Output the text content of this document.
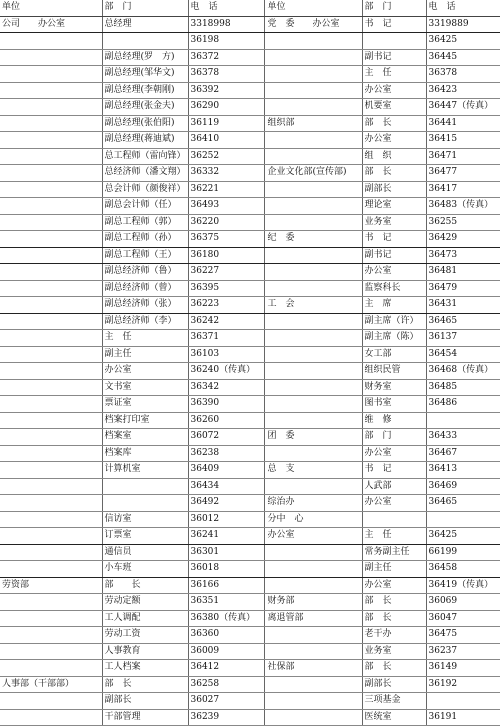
单位	部　门	电　话	单位	部　门	电　话
公司　　办公室	总经理	3318998	党　委　　办公室	书　记	3319889
		36198			36425
	副总经理(罗　方)	36372		副书记	36445
	副总经理(邹华文)	36378		主　任	36378
	副总经理(李朝刚)	36392		办公室	36423
	副总经理(张金夫)	36290		机要室	36447（传真）
	副总经理(张伯阳)	36119	组织部	部　长	36441
	副总经理(蒋迪斌)	36410		办公室	36415
	总工程师（雷向锋）	36252		组　织	36471
	总经济师（潘文翔）	36332	企业文化部(宣传部)	部　长	36477
	总会计师（颜俊祥）	36221		副部长	36417
	副总会计师（任）	36493		理论室	36483（传真）
	副总工程师（郭）	36220		业务室	36255
	副总工程师（孙）	36375	纪　委	书　记	36429
	副总工程师（王）	36180		副书记	36473
	副总经济师（鲁）	36227		办公室	36481
	副总经济师（曾）	36395		监察科长	36479
	副总经济师（张）	36223	工　会	主　席	36431
	副总经济师（李）	36242		副主席（许）	36465
	主　任	36371		副主席（陈）	36137
	副主任	36103		女工部	36454
	办公室	36240（传真）		组织民管	36468（传真）
	文书室	36342		财务室	36485
	票证室	36390		图书室	36486
	档案打印室	36260		维　修	
	档案室	36072	团　委	部　门	36433
	档案库	36238		办公室	36467
	计算机室	36409	总　支	书　记	36413
		36434		人武部	36469
		36492	综治办	办公室	36465
	信访室	36012	分中　心		
	订票室	36241	办公室	主　任	36425
	通信员	36301		常务副主任	66199
	小车班	36018		副主任	36458
劳资部	部　　长	36166		办公室	36419（传真）
	劳动定额	36351	财务部	部　长	36069
	工人调配	36380（传真）	离退管部	部　长	36047
	劳动工资	36360		老干办	36475
	人事教育	36009		业务室	36237
	工人档案	36412	社保部	部　长	36149
人事部（干部部）	部　长	36258		副部长	36192
	副部长	36027		三项基金	
	干部管理	36239		医统室	36191
